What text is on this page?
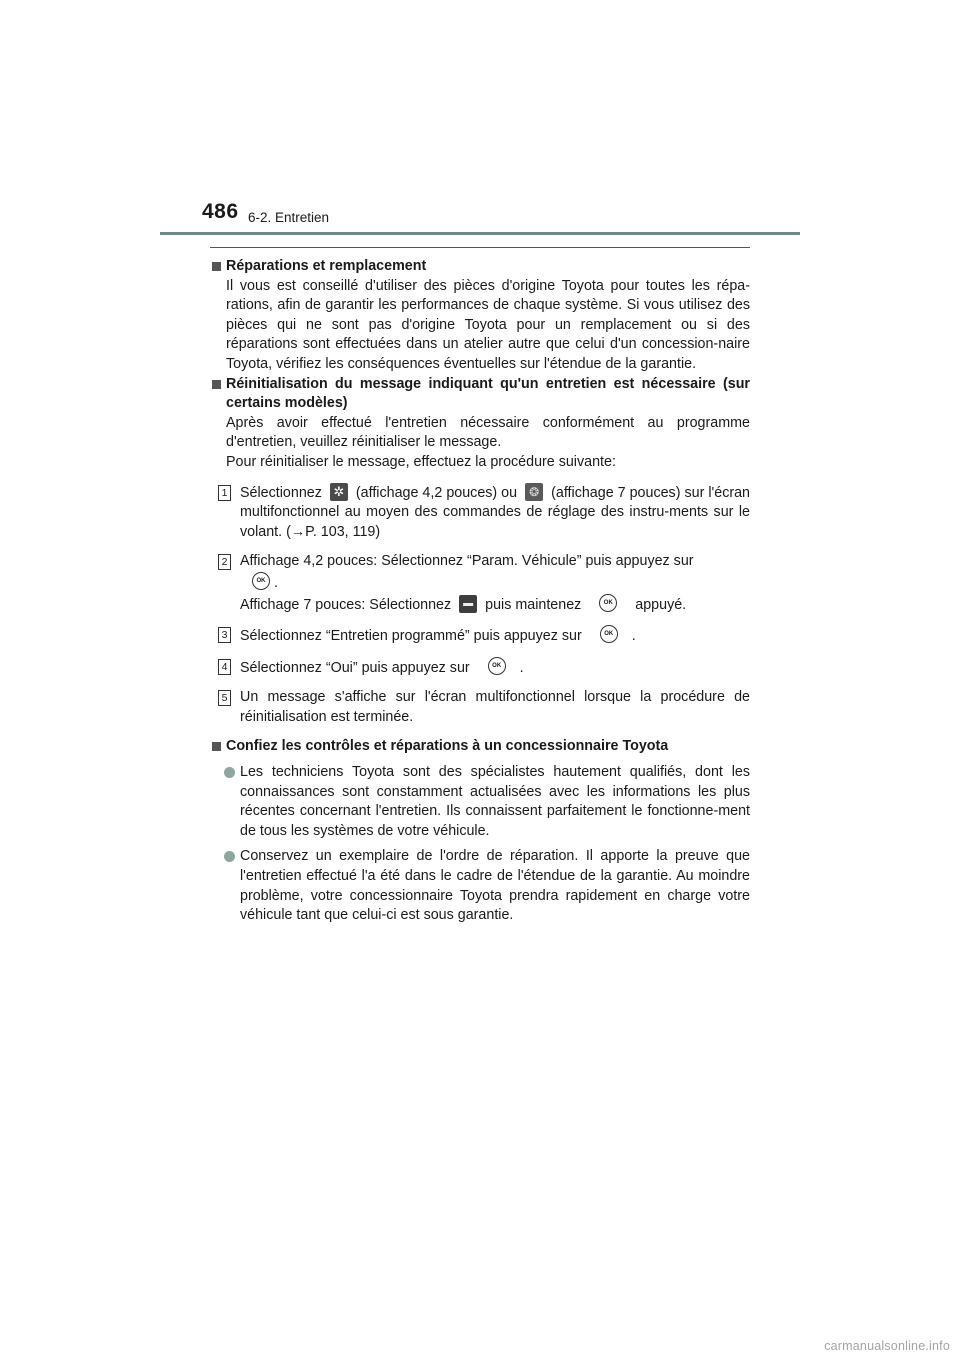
486 6-2. Entretien

Réparations et remplacement

Il vous est conseillé d'utiliser des pièces d'origine Toyota pour toutes les répa-rations, afin de garantir les performances de chaque système. Si vous utilisez des pièces qui ne sont pas d'origine Toyota pour un remplacement ou si des réparations sont effectuées dans un atelier autre que celui d'un concession-naire Toyota, vérifiez les conséquences éventuelles sur l'étendue de la garantie.

Réinitialisation du message indiquant qu'un entretien est nécessaire (sur certains modèles)

Après avoir effectué l'entretien nécessaire conformément au programme d'entretien, veuillez réinitialiser le message.

Pour réinitialiser le message, effectuez la procédure suivante:

1 Sélectionnez ✲ (affichage 4,2 pouces) ou ❂ (affichage 7 pouces) sur l'écran multifonctionnel au moyen des commandes de réglage des instru-ments sur le volant. (→P. 103, 119)
2 Affichage 4,2 pouces: Sélectionnez “Param. Véhicule” puis appuyez sur
OK.
Affichage 7 pouces: Sélectionnez ▬ puis maintenez OK	appuyé.
3 Sélectionnez “Entretien programmé” puis appuyez sur OK	.
4 Sélectionnez “Oui” puis appuyez sur OK	.
5 Un message s'affiche sur l'écran multifonctionnel lorsque la procédure de réinitialisation est terminée.

Confiez les contrôles et réparations à un concessionnaire Toyota

Les techniciens Toyota sont des spécialistes hautement qualifiés, dont les connaissances sont constamment actualisées avec les informations les plus récentes concernant l'entretien. Ils connaissent parfaitement le fonctionne-ment de tous les systèmes de votre véhicule.
Conservez un exemplaire de l'ordre de réparation. Il apporte la preuve que l'entretien effectué l'a été dans le cadre de l'étendue de la garantie. Au moindre problème, votre concessionnaire Toyota prendra rapidement en charge votre véhicule tant que celui-ci est sous garantie.
carmanualsonline.info
